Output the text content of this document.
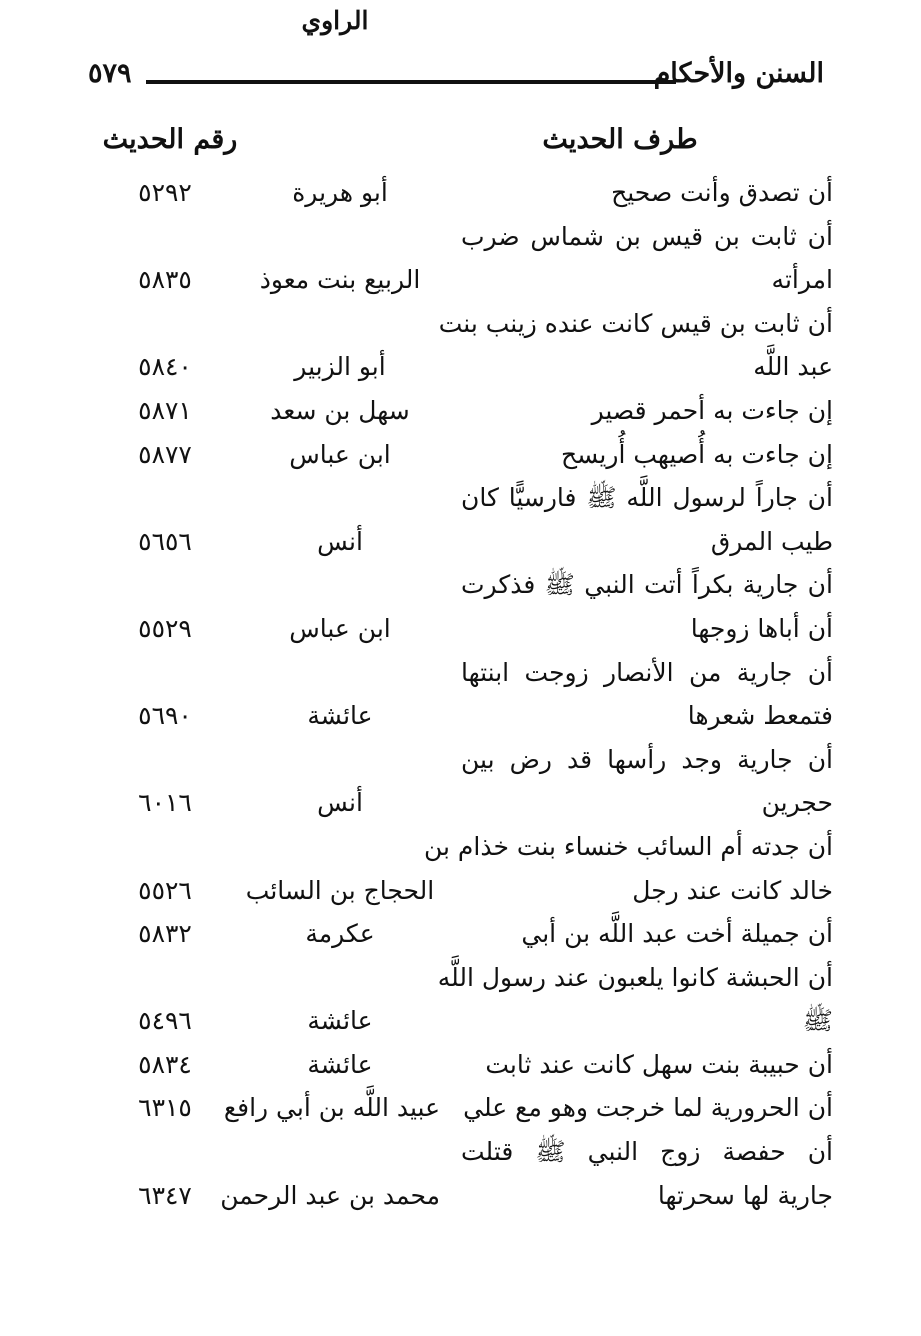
٥٧٩	السنن والأحكام
طرف الحديث
الراوي
رقم الحديث
أن تصدق وأنت صحيح
أبو هريرة
٥٢٩٢
أن ثابت بن قيس بن شماس ضرب
امرأته
الربيع بنت معوذ
٥٨٣٥
أن ثابت بن قيس كانت عنده زينب بنت
عبد اللَّه
أبو الزبير
٥٨٤٠
إن جاءت به أحمر قصير
سهل بن سعد
٥٨٧١
إن جاءت به أُصيهب أُريسح
ابن عباس
٥٨٧٧
أن جاراً لرسول اللَّه ﷺ فارسيًّا كان
طيب المرق
أنس
٥٦٥٦
أن جارية بكراً أتت النبي ﷺ فذكرت
أن أباها زوجها
ابن عباس
٥٥٢٩
أن جارية من الأنصار زوجت ابنتها
فتمعط شعرها
عائشة
٥٦٩٠
أن جارية وجد رأسها قد رض بين
حجرين
أنس
٦٠١٦
أن جدته أم السائب خنساء بنت خذام بن
خالد كانت عند رجل
الحجاج بن السائب
٥٥٢٦
أن جميلة أخت عبد اللَّه بن أبي
عكرمة
٥٨٣٢
أن الحبشة كانوا يلعبون عند رسول اللَّه
ﷺ
عائشة
٥٤٩٦
أن حبيبة بنت سهل كانت عند ثابت
عائشة
٥٨٣٤
أن الحرورية لما خرجت وهو مع علي
عبيد اللَّه بن أبي رافع
٦٣١٥
أن حفصة زوج النبي ﷺ قتلت
جارية لها سحرتها
محمد بن عبد الرحمن
٦٣٤٧
